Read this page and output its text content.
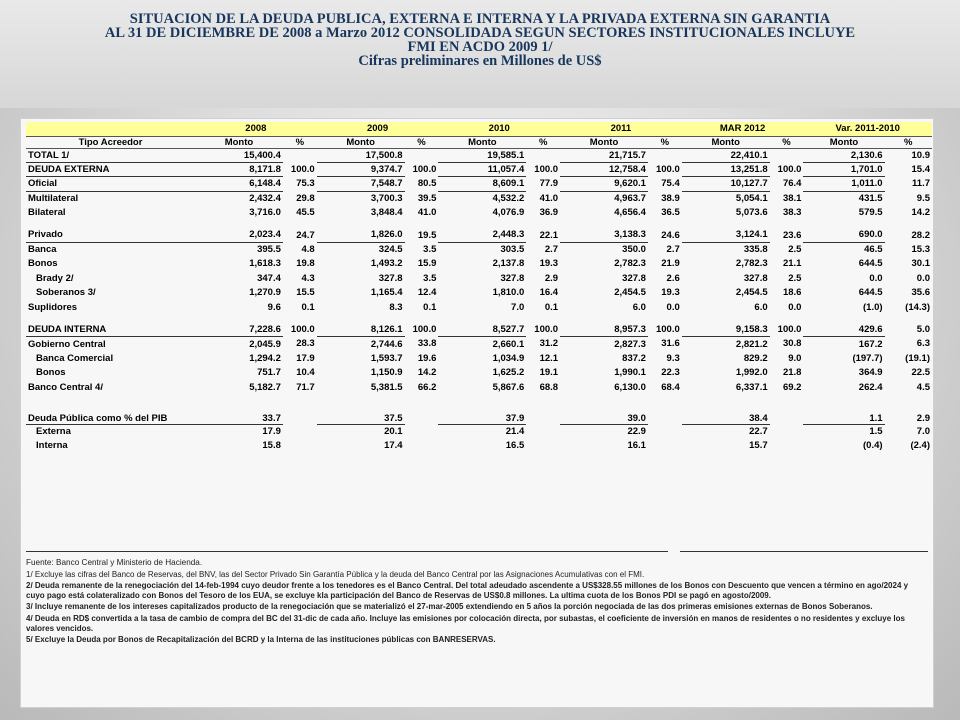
SITUACION DE LA DEUDA PUBLICA, EXTERNA E INTERNA Y LA PRIVADA EXTERNA SIN GARANTIA
AL 31 DE DICIEMBRE DE 2008 a Marzo 2012 CONSOLIDADA SEGUN SECTORES INSTITUCIONALES INCLUYE
FMI EN ACDO 2009 1/
Cifras preliminares en Millones de US$
	2008		2009		2010		2011		MAR 2012		Var. 2011-2010	
Tipo Acreedor	Monto	%	Monto	%	Monto	%	Monto	%	Monto	%	Monto	%
TOTAL 1/	15,400.4		17,500.8		19,585.1		21,715.7		22,410.1		2,130.6	10.9
DEUDA EXTERNA	8,171.8	100.0	9,374.7	100.0	11,057.4	100.0	12,758.4	100.0	13,251.8	100.0	1,701.0	15.4
Oficial	6,148.4	75.3	7,548.7	80.5	8,609.1	77.9	9,620.1	75.4	10,127.7	76.4	1,011.0	11.7
Multilateral	2,432.4	29.8	3,700.3	39.5	4,532.2	41.0	4,963.7	38.9	5,054.1	38.1	431.5	9.5
Bilateral	3,716.0	45.5	3,848.4	41.0	4,076.9	36.9	4,656.4	36.5	5,073.6	38.3	579.5	14.2

Privado	2,023.4	24.7	1,826.0	19.5	2,448.3	22.1	3,138.3	24.6	3,124.1	23.6	690.0	28.2
Banca	395.5	4.8	324.5	3.5	303.5	2.7	350.0	2.7	335.8	2.5	46.5	15.3
Bonos	1,618.3	19.8	1,493.2	15.9	2,137.8	19.3	2,782.3	21.9	2,782.3	21.1	644.5	30.1
Brady 2/	347.4	4.3	327.8	3.5	327.8	2.9	327.8	2.6	327.8	2.5	0.0	0.0
Soberanos 3/	1,270.9	15.5	1,165.4	12.4	1,810.0	16.4	2,454.5	19.3	2,454.5	18.6	644.5	35.6
Suplidores	9.6	0.1	8.3	0.1	7.0	0.1	6.0	0.0	6.0	0.0	(1.0)	(14.3)

DEUDA INTERNA	7,228.6	100.0	8,126.1	100.0	8,527.7	100.0	8,957.3	100.0	9,158.3	100.0	429.6	5.0
Gobierno Central	2,045.9	28.3	2,744.6	33.8	2,660.1	31.2	2,827.3	31.6	2,821.2	30.8	167.2	6.3
Banca Comercial	1,294.2	17.9	1,593.7	19.6	1,034.9	12.1	837.2	9.3	829.2	9.0	(197.7)	(19.1)
Bonos	751.7	10.4	1,150.9	14.2	1,625.2	19.1	1,990.1	22.3	1,992.0	21.8	364.9	22.5
Banco Central 4/	5,182.7	71.7	5,381.5	66.2	5,867.6	68.8	6,130.0	68.4	6,337.1	69.2	262.4	4.5

Deuda Pública como % del PIB	33.7		37.5		37.9		39.0		38.4		1.1	2.9
Externa	17.9		20.1		21.4		22.9		22.7		1.5	7.0
Interna	15.8		17.4		16.5		16.1		15.7		(0.4)	(2.4)

Fuente: Banco Central y Ministerio de Hacienda.

1/ Excluye las cifras del Banco de Reservas, del BNV, las del Sector Privado Sin Garantía Pública y la deuda del Banco Central por las Asignaciones Acumulativas con el FMI.

2/ Deuda remanente de la renegociación del 14-feb-1994 cuyo deudor frente a los tenedores es el Banco Central. Del total adeudado ascendente a US$328.55 millones de los Bonos con Descuento que vencen a término en ago/2024 y cuyo pago está colateralizado con Bonos del Tesoro de los EUA, se excluye kla participación del Banco de Reservas de US$0.8 millones. La ultima cuota de los Bonos PDI se pagó en agosto/2009.

3/ Incluye remanente de los intereses capitalizados producto de la renegociación que se materializó el 27-mar-2005 extendiendo en 5 años la porción negociada de las dos primeras emisiones externas de Bonos Soberanos.

4/ Deuda en RD$ convertida a la tasa de cambio de compra del BC del 31-dic de cada año. Incluye las emisiones por colocación directa, por subastas, el coeficiente de inversión en manos de residentes o no residentes y excluye los valores vencidos.

5/ Excluye la Deuda por Bonos de Recapitalización del BCRD y la Interna de las instituciones públicas con BANRESERVAS.
